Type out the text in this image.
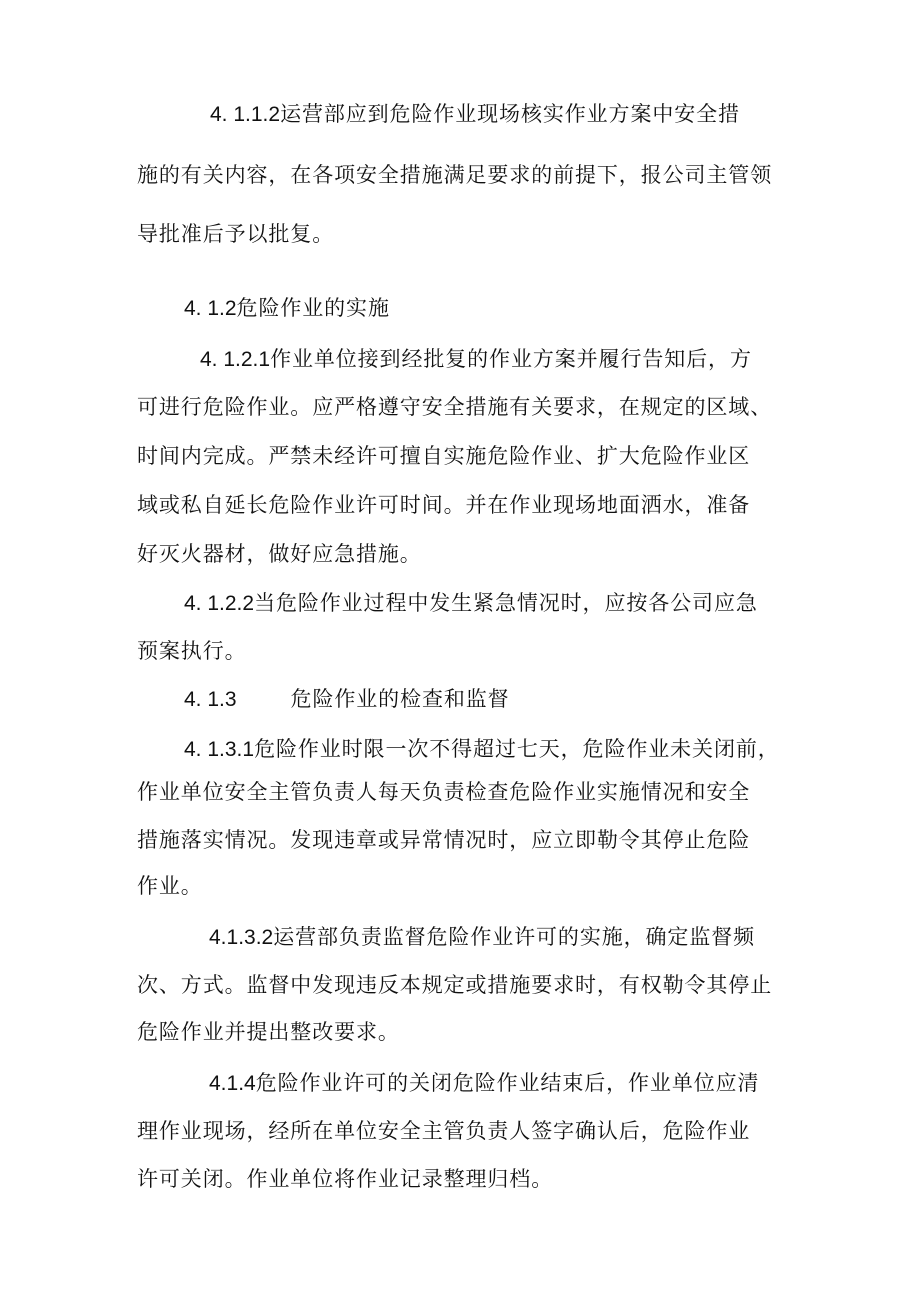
4. 1.1.2运营部应到危险作业现场核实作业方案中安全措
施的有关内容，在各项安全措施满足要求的前提下，报公司主管领
导批准后予以批复。
4. 1.2危险作业的实施
4. 1.2.1作业单位接到经批复的作业方案并履行告知后，方
可进行危险作业。应严格遵守安全措施有关要求，在规定的区域、
时间内完成。严禁未经许可擅自实施危险作业、扩大危险作业区
域或私自延长危险作业许可时间。并在作业现场地面洒水，准备
好灭火器材，做好应急措施。
4. 1.2.2当危险作业过程中发生紧急情况时，应按各公司应急
预案执行。
4. 1.3	危险作业的检查和监督
4. 1.3.1危险作业时限一次不得超过七天，危险作业未关闭前，
作业单位安全主管负责人每天负责检查危险作业实施情况和安全
措施落实情况。发现违章或异常情况时，应立即勒令其停止危险
作业。
4.1.3.2运营部负责监督危险作业许可的实施，确定监督频
次、方式。监督中发现违反本规定或措施要求时，有权勒令其停止
危险作业并提出整改要求。
4.1.4危险作业许可的关闭危险作业结束后，作业单位应清
理作业现场，经所在单位安全主管负责人签字确认后，危险作业
许可关闭。作业单位将作业记录整理归档。
